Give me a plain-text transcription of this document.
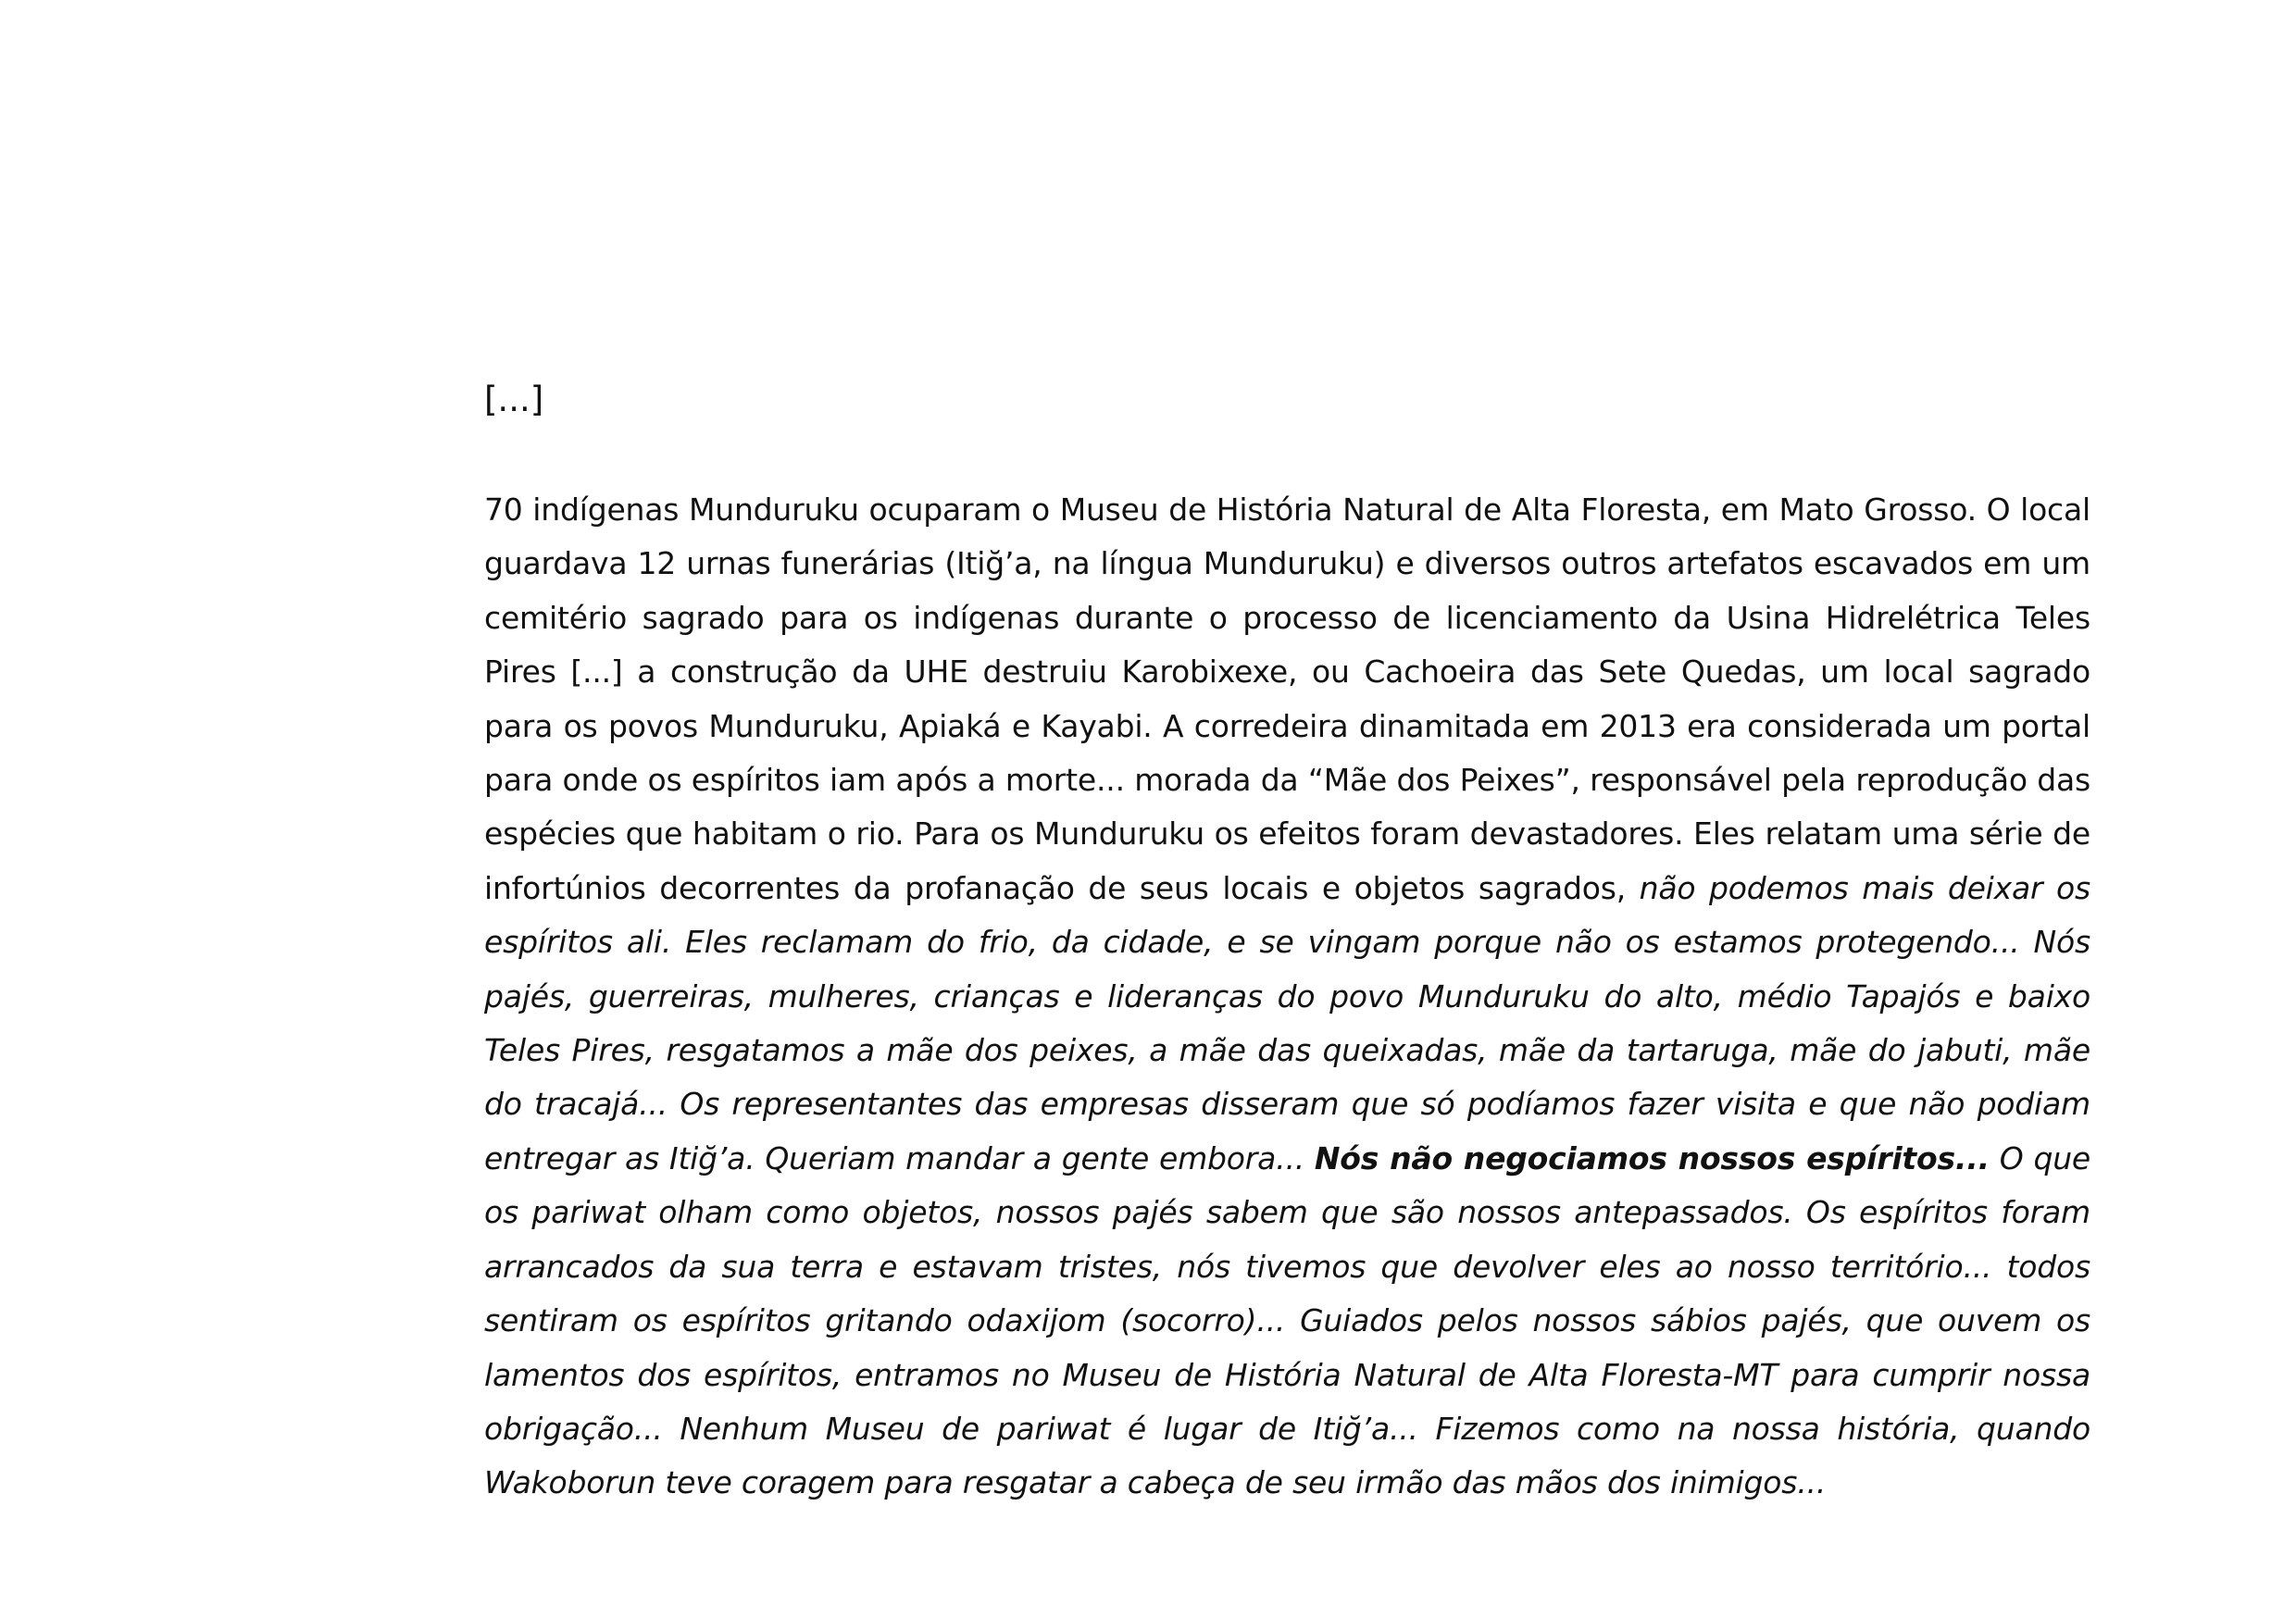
[...]

70 indígenas Munduruku ocuparam o Museu de História Natural de Alta Floresta, em Mato Grosso. O local guardava 12 urnas funerárias (Itiğ’a, na língua Munduruku) e diversos outros artefatos escavados em um cemitério sagrado para os indígenas durante o processo de licenciamento da Usina Hidrelétrica Teles Pires [...] a construção da UHE destruiu Karobixexe, ou Cachoeira das Sete Quedas, um local sagrado para os povos Munduruku, Apiaká e Kayabi. A corredeira dinamitada em 2013 era considerada um portal para onde os espíritos iam após a morte... morada da “Mãe dos Peixes”, responsável pela reprodução das espécies que habitam o rio. Para os Munduruku os efeitos foram devastadores. Eles relatam uma série de infortúnios decorrentes da profanação de seus locais e objetos sagrados, não podemos mais deixar os espíritos ali. Eles reclamam do frio, da cidade, e se vingam porque não os estamos protegendo... Nós pajés, guerreiras, mulheres, crianças e lideranças do povo Munduruku do alto, médio Tapajós e baixo Teles Pires, resgatamos a mãe dos peixes, a mãe das queixadas, mãe da tartaruga, mãe do jabuti, mãe do tracajá... Os representantes das empresas disseram que só podíamos fazer visita e que não podiam entregar as Itiğ’a. Queriam mandar a gente embora... Nós não negociamos nossos espíritos... O que os pariwat olham como objetos, nossos pajés sabem que são nossos antepassados. Os espíritos foram arrancados da sua terra e estavam tristes, nós tivemos que devolver eles ao nosso território... todos sentiram os espíritos gritando odaxijom (socorro)... Guiados pelos nossos sábios pajés, que ouvem os lamentos dos espíritos, entramos no Museu de História Natural de Alta Floresta-MT para cumprir nossa obrigação... Nenhum Museu de pariwat é lugar de Itiğ’a... Fizemos como na nossa história, quando Wakoborun teve coragem para resgatar a cabeça de seu irmão das mãos dos inimigos...
